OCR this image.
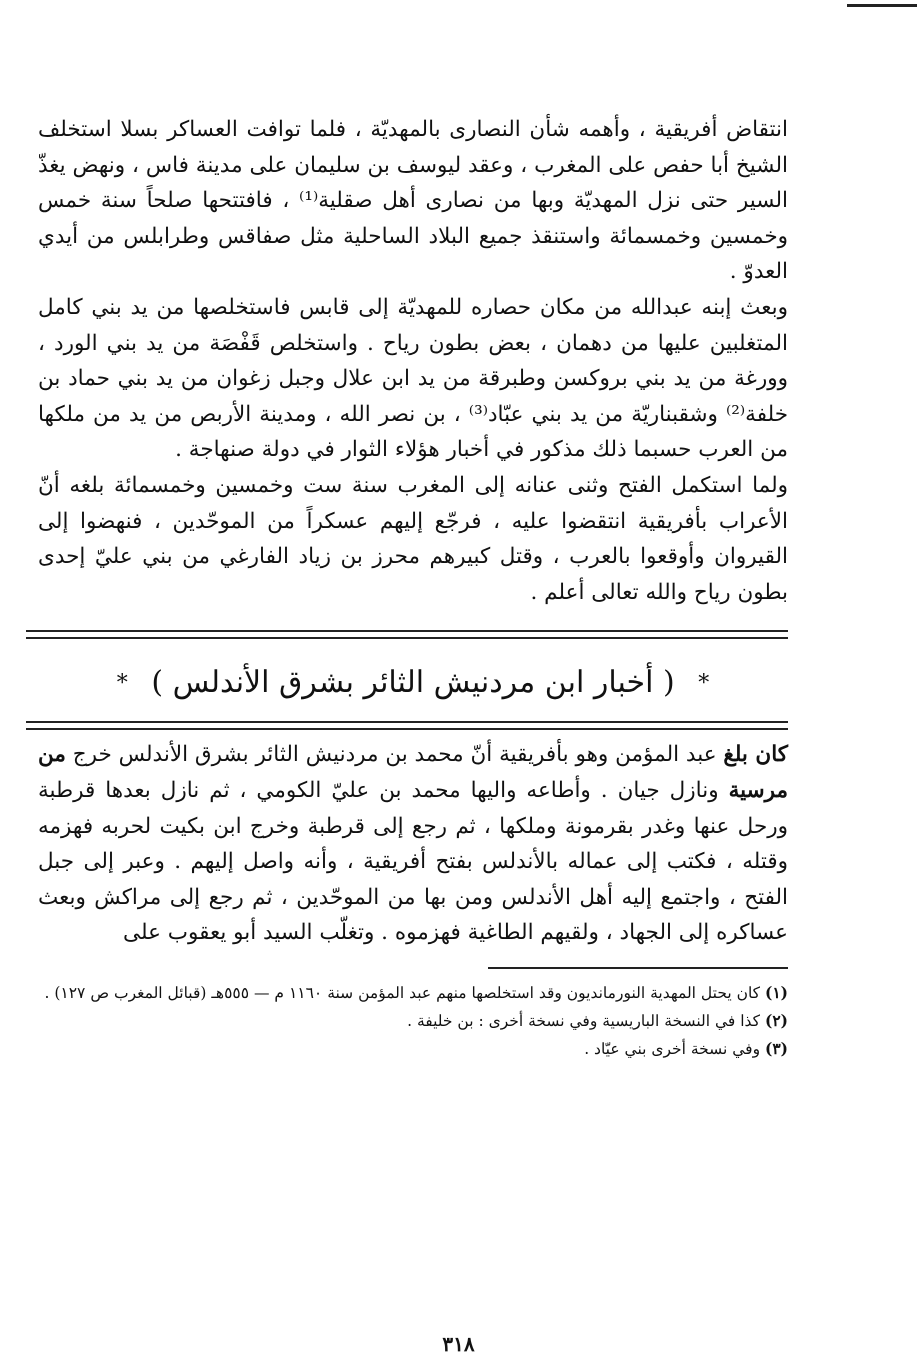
انتقاض أفريقية ، وأهمه شأن النصارى بالمهديّة ، فلما توافت العساكر بسلا استخلف الشيخ أبا حفص على المغرب ، وعقد ليوسف بن سليمان على مدينة فاس ، ونهض يغذّ السير حتى نزل المهديّة وبها من نصارى أهل صقلية⁽¹⁾ ، فافتتحها صلحاً سنة خمس وخمسين وخمسمائة واستنقذ جميع البلاد الساحلية مثل صفاقس وطرابلس من أيدي العدوّ .

وبعث إبنه عبدالله من مكان حصاره للمهديّة إلى قابس فاستخلصها من يد بني كامل المتغلبين عليها من دهمان ، بعض بطون رياح . واستخلص قَفْصَة من يد بني الورد ، وورغة من يد بني بروكسن وطبرقة من يد ابن علال وجبل زغوان من يد بني حماد بن خلفة⁽²⁾ وشقبناريّة من يد بني عبّاد⁽³⁾ ، بن نصر الله ، ومدينة الأربص من يد من ملكها من العرب حسبما ذلك مذكور في أخبار هؤلاء الثوار في دولة صنهاجة .

ولما استكمل الفتح وثنى عنانه إلى المغرب سنة ست وخمسين وخمسمائة بلغه أنّ الأعراب بأفريقية انتقضوا عليه ، فرجّع إليهم عسكراً من الموحّدين ، فنهضوا إلى القيروان وأوقعوا بالعرب ، وقتل كبيرهم محرز بن زياد الفارغي من بني عليّ إحدى بطون رياح والله تعالى أعلم .

* ( أخبار ابن مردنيش الثائر بشرق الأندلس ) *

كان بلغ عبد المؤمن وهو بأفريقية أنّ محمد بن مردنيش الثائر بشرق الأندلس خرج من مرسية ونازل جيان . وأطاعه واليها محمد بن عليّ الكومي ، ثم نازل بعدها قرطبة ورحل عنها وغدر بقرمونة وملكها ، ثم رجع إلى قرطبة وخرج ابن بكيت لحربه فهزمه وقتله ، فكتب إلى عماله بالأندلس بفتح أفريقية ، وأنه واصل إليهم . وعبر إلى جبل الفتح ، واجتمع إليه أهل الأندلس ومن بها من الموحّدين ، ثم رجع إلى مراكش وبعث عساكره إلى الجهاد ، ولقيهم الطاغية فهزموه . وتغلّب السيد أبو يعقوب على

(١) كان يحتل المهدية النورمانديون وقد استخلصها منهم عبد المؤمن سنة ١١٦٠ م — ٥٥٥هـ (قبائل المغرب ص ١٢٧) .

(٢) كذا في النسخة الباريسية وفي نسخة أخرى : بن خليفة .

(٣) وفي نسخة أخرى بني عيّاد .

٣١٨
